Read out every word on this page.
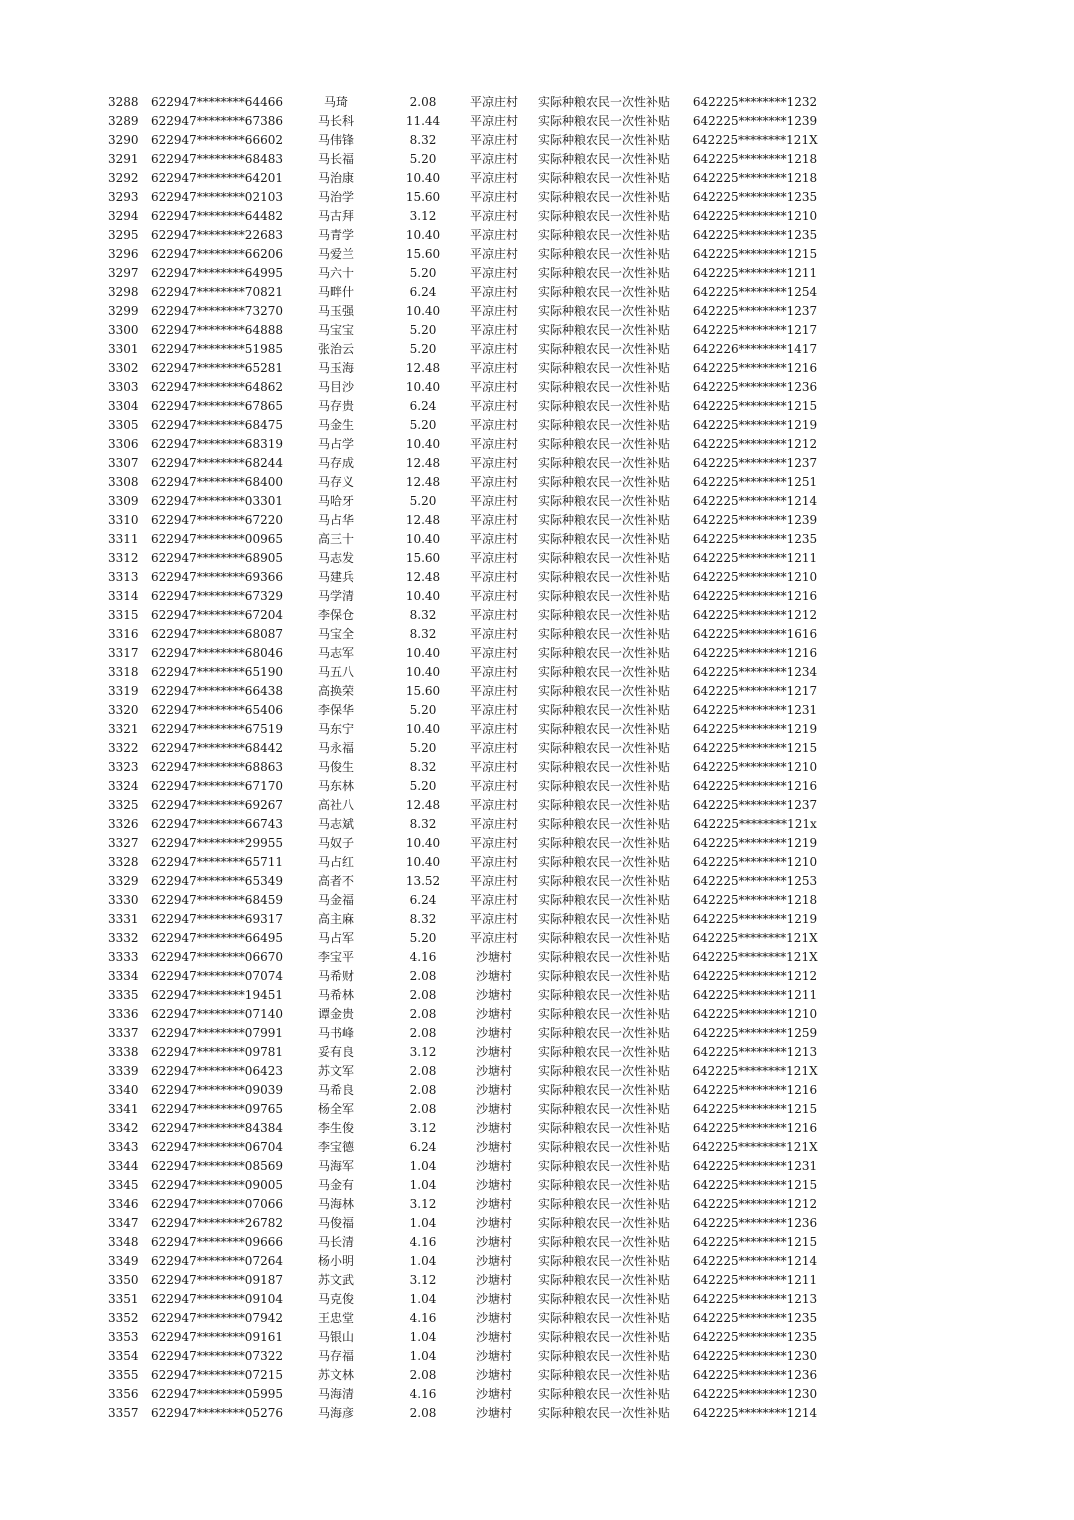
3288	622947********64466	马琦	2.08	平凉庄村	实际种粮农民一次性补贴	642225********1232
3289	622947********67386	马长科	11.44	平凉庄村	实际种粮农民一次性补贴	642225********1239
3290	622947********66602	马伟锋	8.32	平凉庄村	实际种粮农民一次性补贴	642225********121X
3291	622947********68483	马长福	5.20	平凉庄村	实际种粮农民一次性补贴	642225********1218
3292	622947********64201	马治康	10.40	平凉庄村	实际种粮农民一次性补贴	642225********1218
3293	622947********02103	马治学	15.60	平凉庄村	实际种粮农民一次性补贴	642225********1235
3294	622947********64482	马古拜	3.12	平凉庄村	实际种粮农民一次性补贴	642225********1210
3295	622947********22683	马青学	10.40	平凉庄村	实际种粮农民一次性补贴	642225********1235
3296	622947********66206	马爱兰	15.60	平凉庄村	实际种粮农民一次性补贴	642225********1215
3297	622947********64995	马六十	5.20	平凉庄村	实际种粮农民一次性补贴	642225********1211
3298	622947********70821	马畔什	6.24	平凉庄村	实际种粮农民一次性补贴	642225********1254
3299	622947********73270	马玉强	10.40	平凉庄村	实际种粮农民一次性补贴	642225********1237
3300	622947********64888	马宝宝	5.20	平凉庄村	实际种粮农民一次性补贴	642225********1217
3301	622947********51985	张治云	5.20	平凉庄村	实际种粮农民一次性补贴	642226********1417
3302	622947********65281	马玉海	12.48	平凉庄村	实际种粮农民一次性补贴	642225********1216
3303	622947********64862	马目沙	10.40	平凉庄村	实际种粮农民一次性补贴	642225********1236
3304	622947********67865	马存贵	6.24	平凉庄村	实际种粮农民一次性补贴	642225********1215
3305	622947********68475	马金生	5.20	平凉庄村	实际种粮农民一次性补贴	642225********1219
3306	622947********68319	马占学	10.40	平凉庄村	实际种粮农民一次性补贴	642225********1212
3307	622947********68244	马存成	12.48	平凉庄村	实际种粮农民一次性补贴	642225********1237
3308	622947********68400	马存义	12.48	平凉庄村	实际种粮农民一次性补贴	642225********1251
3309	622947********03301	马哈牙	5.20	平凉庄村	实际种粮农民一次性补贴	642225********1214
3310	622947********67220	马占华	12.48	平凉庄村	实际种粮农民一次性补贴	642225********1239
3311	622947********00965	高三十	10.40	平凉庄村	实际种粮农民一次性补贴	642225********1235
3312	622947********68905	马志发	15.60	平凉庄村	实际种粮农民一次性补贴	642225********1211
3313	622947********69366	马建兵	12.48	平凉庄村	实际种粮农民一次性补贴	642225********1210
3314	622947********67329	马学清	10.40	平凉庄村	实际种粮农民一次性补贴	642225********1216
3315	622947********67204	李保仓	8.32	平凉庄村	实际种粮农民一次性补贴	642225********1212
3316	622947********68087	马宝全	8.32	平凉庄村	实际种粮农民一次性补贴	642225********1616
3317	622947********68046	马志军	10.40	平凉庄村	实际种粮农民一次性补贴	642225********1216
3318	622947********65190	马五八	10.40	平凉庄村	实际种粮农民一次性补贴	642225********1234
3319	622947********66438	高换荣	15.60	平凉庄村	实际种粮农民一次性补贴	642225********1217
3320	622947********65406	李保华	5.20	平凉庄村	实际种粮农民一次性补贴	642225********1231
3321	622947********67519	马东宁	10.40	平凉庄村	实际种粮农民一次性补贴	642225********1219
3322	622947********68442	马永福	5.20	平凉庄村	实际种粮农民一次性补贴	642225********1215
3323	622947********68863	马俊生	8.32	平凉庄村	实际种粮农民一次性补贴	642225********1210
3324	622947********67170	马东林	5.20	平凉庄村	实际种粮农民一次性补贴	642225********1216
3325	622947********69267	高社八	12.48	平凉庄村	实际种粮农民一次性补贴	642225********1237
3326	622947********66743	马志斌	8.32	平凉庄村	实际种粮农民一次性补贴	642225********121x
3327	622947********29955	马奴子	10.40	平凉庄村	实际种粮农民一次性补贴	642225********1219
3328	622947********65711	马占红	10.40	平凉庄村	实际种粮农民一次性补贴	642225********1210
3329	622947********65349	高者不	13.52	平凉庄村	实际种粮农民一次性补贴	642225********1253
3330	622947********68459	马金福	6.24	平凉庄村	实际种粮农民一次性补贴	642225********1218
3331	622947********69317	高主麻	8.32	平凉庄村	实际种粮农民一次性补贴	642225********1219
3332	622947********66495	马占军	5.20	平凉庄村	实际种粮农民一次性补贴	642225********121X
3333	622947********06670	李宝平	4.16	沙塘村	实际种粮农民一次性补贴	642225********121X
3334	622947********07074	马希财	2.08	沙塘村	实际种粮农民一次性补贴	642225********1212
3335	622947********19451	马希林	2.08	沙塘村	实际种粮农民一次性补贴	642225********1211
3336	622947********07140	谭金贵	2.08	沙塘村	实际种粮农民一次性补贴	642225********1210
3337	622947********07991	马书峰	2.08	沙塘村	实际种粮农民一次性补贴	642225********1259
3338	622947********09781	妥有良	3.12	沙塘村	实际种粮农民一次性补贴	642225********1213
3339	622947********06423	苏文军	2.08	沙塘村	实际种粮农民一次性补贴	642225********121X
3340	622947********09039	马希良	2.08	沙塘村	实际种粮农民一次性补贴	642225********1216
3341	622947********09765	杨全军	2.08	沙塘村	实际种粮农民一次性补贴	642225********1215
3342	622947********84384	李生俊	3.12	沙塘村	实际种粮农民一次性补贴	642225********1216
3343	622947********06704	李宝德	6.24	沙塘村	实际种粮农民一次性补贴	642225********121X
3344	622947********08569	马海军	1.04	沙塘村	实际种粮农民一次性补贴	642225********1231
3345	622947********09005	马金有	1.04	沙塘村	实际种粮农民一次性补贴	642225********1215
3346	622947********07066	马海林	3.12	沙塘村	实际种粮农民一次性补贴	642225********1212
3347	622947********26782	马俊福	1.04	沙塘村	实际种粮农民一次性补贴	642225********1236
3348	622947********09666	马长清	4.16	沙塘村	实际种粮农民一次性补贴	642225********1215
3349	622947********07264	杨小明	1.04	沙塘村	实际种粮农民一次性补贴	642225********1214
3350	622947********09187	苏文武	3.12	沙塘村	实际种粮农民一次性补贴	642225********1211
3351	622947********09104	马克俊	1.04	沙塘村	实际种粮农民一次性补贴	642225********1213
3352	622947********07942	王忠堂	4.16	沙塘村	实际种粮农民一次性补贴	642225********1235
3353	622947********09161	马银山	1.04	沙塘村	实际种粮农民一次性补贴	642225********1235
3354	622947********07322	马存福	1.04	沙塘村	实际种粮农民一次性补贴	642225********1230
3355	622947********07215	苏文林	2.08	沙塘村	实际种粮农民一次性补贴	642225********1236
3356	622947********05995	马海清	4.16	沙塘村	实际种粮农民一次性补贴	642225********1230
3357	622947********05276	马海彦	2.08	沙塘村	实际种粮农民一次性补贴	642225********1214
